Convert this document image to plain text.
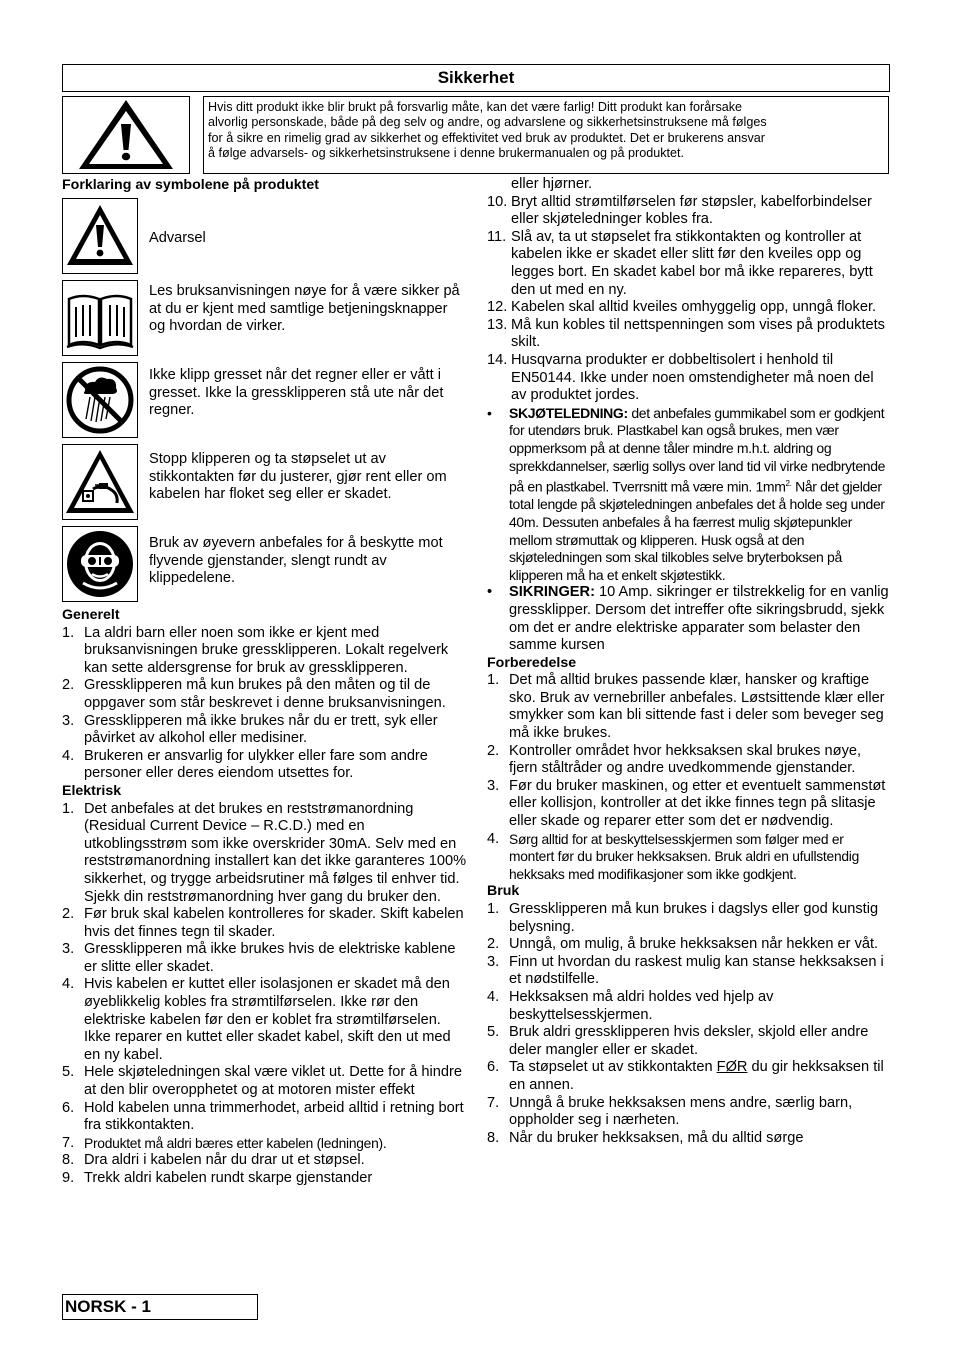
Sikkerhet
Hvis ditt produkt ikke blir brukt på forsvarlig måte, kan det være farlig! Ditt produkt kan forårsake
alvorlig personskade, både på deg selv og andre, og advarslene og sikkerhetsinstruksene må følges
for å sikre en rimelig grad av sikkerhet og effektivitet ved bruk av produktet. Det er brukerens ansvar
å følge advarsels- og sikkerhetsinstruksene i denne brukermanualen og på produktet.
Forklaring av symbolene på produktet
Advarsel
Les bruksanvisningen nøye for å være sikker på at du er kjent med samtlige betjeningsknapper og hvordan de virker.
Ikke klipp gresset når det regner eller er vått i gresset. Ikke la gressklipperen stå ute når det regner.
Stopp klipperen og ta støpselet ut av stikkontakten før du justerer, gjør rent eller om kabelen har floket seg eller er skadet.
Bruk av øyevern anbefales for å beskytte mot flyvende gjenstander, slengt rundt av klippedelene.
Generelt
1. La aldri barn eller noen som ikke er kjent med bruksanvisningen bruke gressklipperen. Lokalt regelverk kan sette aldersgrense for bruk av gressklipperen.
2. Gressklipperen må kun brukes på den måten og til de oppgaver som står beskrevet i denne bruksanvisningen.
3. Gressklipperen må ikke brukes når du er trett, syk eller påvirket av alkohol eller medisiner.
4. Brukeren er ansvarlig for ulykker eller fare som andre personer eller deres eiendom utsettes for.
Elektrisk
1. Det anbefales at det brukes en reststrømanordning (Residual Current Device – R.C.D.) med en utkoblingsstrøm som ikke overskrider 30mA. Selv med en reststrømanordning installert kan det ikke garanteres 100% sikkerhet, og trygge arbeidsrutiner må følges til enhver tid. Sjekk din reststrømanordning hver gang du bruker den.
2. Før bruk skal kabelen kontrolleres for skader. Skift kabelen hvis det finnes tegn til skader.
3. Gressklipperen må ikke brukes hvis de elektriske kablene er slitte eller skadet.
4. Hvis kabelen er kuttet eller isolasjonen er skadet må den øyeblikkelig kobles fra strømtilførselen. Ikke rør den elektriske kabelen før den er koblet fra strømtilførselen. Ikke reparer en kuttet eller skadet kabel, skift den ut med en ny kabel.
5. Hele skjøteledningen skal være viklet ut. Dette for å hindre at den blir overopphetet og at motoren mister effekt
6. Hold kabelen unna trimmerhodet, arbeid alltid i retning bort fra stikkontakten.
7. Produktet må aldri bæres etter kabelen (ledningen).
8. Dra aldri i kabelen når du drar ut et støpsel.
9. Trekk aldri kabelen rundt skarpe gjenstander
eller hjørner.
10. Bryt alltid strømtilførselen før støpsler, kabelforbindelser eller skjøteledninger kobles fra.
11. Slå av, ta ut støpselet fra stikkontakten og kontroller at kabelen ikke er skadet eller slitt før den kveiles opp og legges bort. En skadet kabel bor må ikke repareres, bytt den ut med en ny.
12. Kabelen skal alltid kveiles omhyggelig opp, unngå floker.
13. Må kun kobles til nettspenningen som vises på produktets skilt.
14. Husqvarna produkter er dobbeltisolert i henhold til EN50144. Ikke under noen omstendigheter må noen del av produktet jordes.
•	SKJØTELEDNING: det anbefales gummikabel som er godkjent for utendørs bruk. Plastkabel kan også brukes, men vær oppmerksom på at denne tåler mindre m.h.t. aldring og sprekkdannelser, særlig sollys over land tid vil virke nedbrytende på en plastkabel. Tverrsnitt må være min. $1mm^{2.}$ Når det gjelder total lengde på skjøteledningen anbefales det å holde seg under 40m. Dessuten anbefales å ha færrest mulig skjøtepunkler mellom strømuttak og klipperen. Husk også at den skjøteledningen som skal tilkobles selve bryterboksen på klipperen må ha et enkelt skjøtestikk.
•	SIKRINGER: 10 Amp. sikringer er tilstrekkelig for en vanlig gressklipper. Dersom det intreffer ofte sikringsbrudd, sjekk om det er andre elektriske apparater som belaster den samme kursen
Forberedelse
1. Det må alltid brukes passende klær, hansker og kraftige sko. Bruk av vernebriller anbefales. Løstsittende klær eller smykker som kan bli sittende fast i deler som beveger seg må ikke brukes.
2. Kontroller området hvor hekksaksen skal brukes nøye, fjern ståltråder og andre uvedkommende gjenstander.
3. Før du bruker maskinen, og etter et eventuelt sammenstøt eller kollisjon, kontroller at det ikke finnes tegn på slitasje eller skade og reparer etter som det er nødvendig.
4. Sørg alltid for at beskyttelsesskjermen som følger med er montert før du bruker hekksaksen. Bruk aldri en ufullstendig hekksaks med modifikasjoner som ikke godkjent.
Bruk
1. Gressklipperen må kun brukes i dagslys eller god kunstig belysning.
2. Unngå, om mulig, å bruke hekksaksen når hekken er våt.
3. Finn ut hvordan du raskest mulig kan stanse hekksaksen i et nødstilfelle.
4. Hekksaksen må aldri holdes ved hjelp av beskyttelsesskjermen.
5. Bruk aldri gressklipperen hvis deksler, skjold eller andre deler mangler eller er skadet.
6. Ta støpselet ut av stikkontakten FØR du gir hekksaksen til en annen.
7. Unngå å bruke hekksaksen mens andre, særlig barn, oppholder seg i nærheten.
8. Når du bruker hekksaksen, må du alltid sørge
NORSK - 1
